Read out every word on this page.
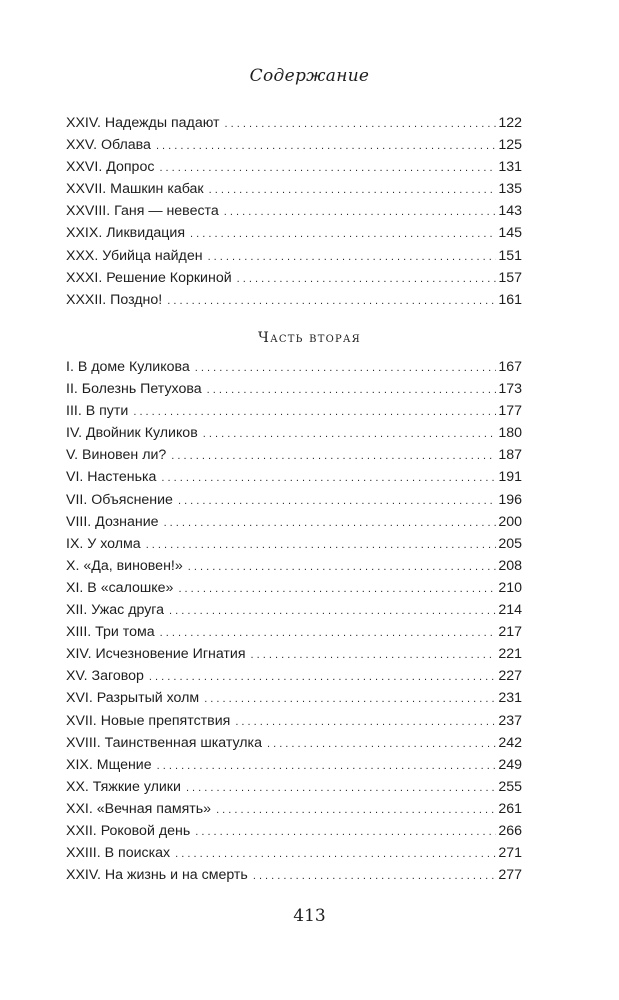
Содержание
XXIV. Надежды падают . . .	122
XXV. Облава . . .	125
XXVI. Допрос . . .	131
XXVII. Машкин кабак . . .	135
XXVIII. Ганя — невеста . . .	143
XXIX. Ликвидация . . .	145
XXX. Убийца найден . . .	151
XXXI. Решение Коркиной . . .	157
XXXII. Поздно! . . .	161
Часть вторая
I. В доме Куликова . . .	167
II. Болезнь Петухова . . .	173
III. В пути . . .	177
IV. Двойник Куликов . . .	180
V. Виновен ли? . . .	187
VI. Настенька . . .	191
VII. Объяснение . . .	196
VIII. Дознание . . .	200
IX. У холма . . .	205
X. «Да, виновен!» . . .	208
XI. В «салошке» . . .	210
XII. Ужас друга . . .	214
XIII. Три тома . . .	217
XIV. Исчезновение Игнатия . . .	221
XV. Заговор . . .	227
XVI. Разрытый холм . . .	231
XVII. Новые препятствия . . .	237
XVIII. Таинственная шкатулка . . .	242
XIX. Мщение . . .	249
XX. Тяжкие улики . . .	255
XXI. «Вечная память» . . .	261
XXII. Роковой день . . .	266
XXIII. В поисках . . .	271
XXIV. На жизнь и на смерть . . .	277
413
